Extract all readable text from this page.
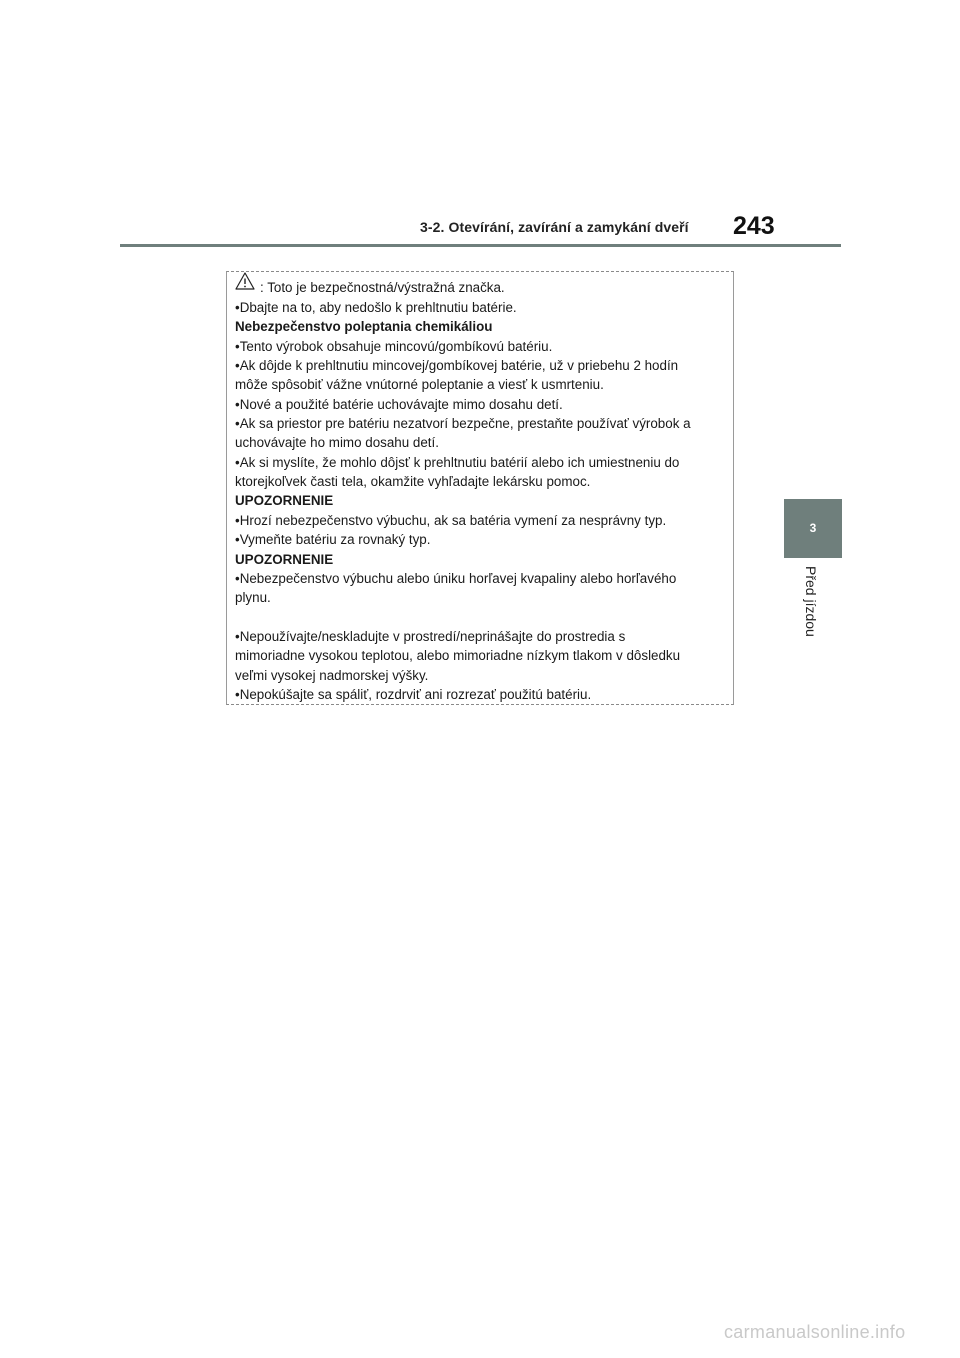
3-2. Otevírání, zavírání a zamykání dveří 243
3
Před jízdou
: Toto je bezpečnostná/výstražná značka.
•Dbajte na to, aby nedošlo k prehltnutiu batérie.
Nebezpečenstvo poleptania chemikáliou
•Tento výrobok obsahuje mincovú/gombíkovú batériu.
•Ak dôjde k prehltnutiu mincovej/gombíkovej batérie, už v priebehu 2 hodín
môže spôsobiť vážne vnútorné poleptanie a viesť k usmrteniu.
•Nové a použité batérie uchovávajte mimo dosahu detí.
•Ak sa priestor pre batériu nezatvorí bezpečne, prestaňte používať výrobok a
uchovávajte ho mimo dosahu detí.
•Ak si myslíte, že mohlo dôjsť k prehltnutiu batérií alebo ich umiestneniu do
ktorejkoľvek časti tela, okamžite vyhľadajte lekársku pomoc.
UPOZORNENIE
•Hrozí nebezpečenstvo výbuchu, ak sa batéria vymení za nesprávny typ.
•Vymeňte batériu za rovnaký typ.
UPOZORNENIE
•Nebezpečenstvo výbuchu alebo úniku horľavej kvapaliny alebo horľavého
plynu.
•Nepoužívajte/neskladujte v prostredí/neprinášajte do prostredia s
mimoriadne vysokou teplotou, alebo mimoriadne nízkym tlakom v dôsledku
veľmi vysokej nadmorskej výšky.
•Nepokúšajte sa spáliť, rozdrviť ani rozrezať použitú batériu.
carmanualsonline.info
